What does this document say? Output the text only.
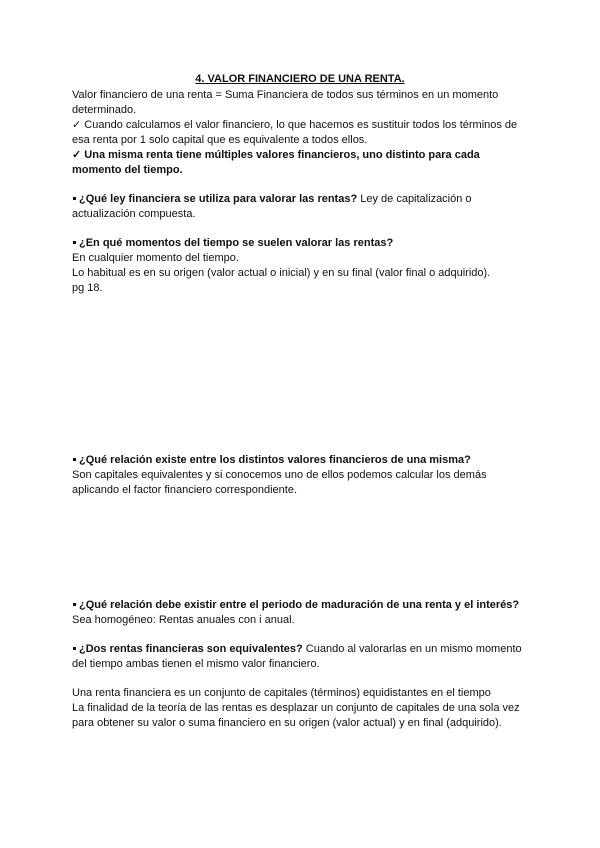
4. VALOR FINANCIERO DE UNA RENTA.

Valor financiero de una renta = Suma Financiera de todos sus términos en un momento

determinado.

✓ Cuando calculamos el valor financiero, lo que hacemos es sustituir todos los términos de

esa renta por 1 solo capital que es equivalente a todos ellos.

✓ Una misma renta tiene múltiples valores financieros, uno distinto para cada

momento del tiempo.

¿Qué ley financiera se utiliza para valorar las rentas? Ley de capitalización o

actualización compuesta.

¿En qué momentos del tiempo se suelen valorar las rentas?

En cualquier momento del tiempo.

Lo habitual es en su origen (valor actual o inicial) y en su final (valor final o adquirido).

pg 18.

¿Qué relación existe entre los distintos valores financieros de una misma?

Son capitales equivalentes y si conocemos uno de ellos podemos calcular los demás

aplicando el factor financiero correspondiente.

¿Qué relación debe existir entre el periodo de maduración de una renta y el interés?

Sea homogéneo: Rentas anuales con i anual.

¿Dos rentas financieras son equivalentes? Cuando al valorarlas en un mismo momento

del tiempo ambas tienen el mismo valor financiero.

Una renta financiera es un conjunto de capitales (términos) equidistantes en el tiempo

La finalidad de la teoría de las rentas es desplazar un conjunto de capitales de una sola vez

para obtener su valor o suma financiero en su origen (valor actual) y en final (adquirido).
